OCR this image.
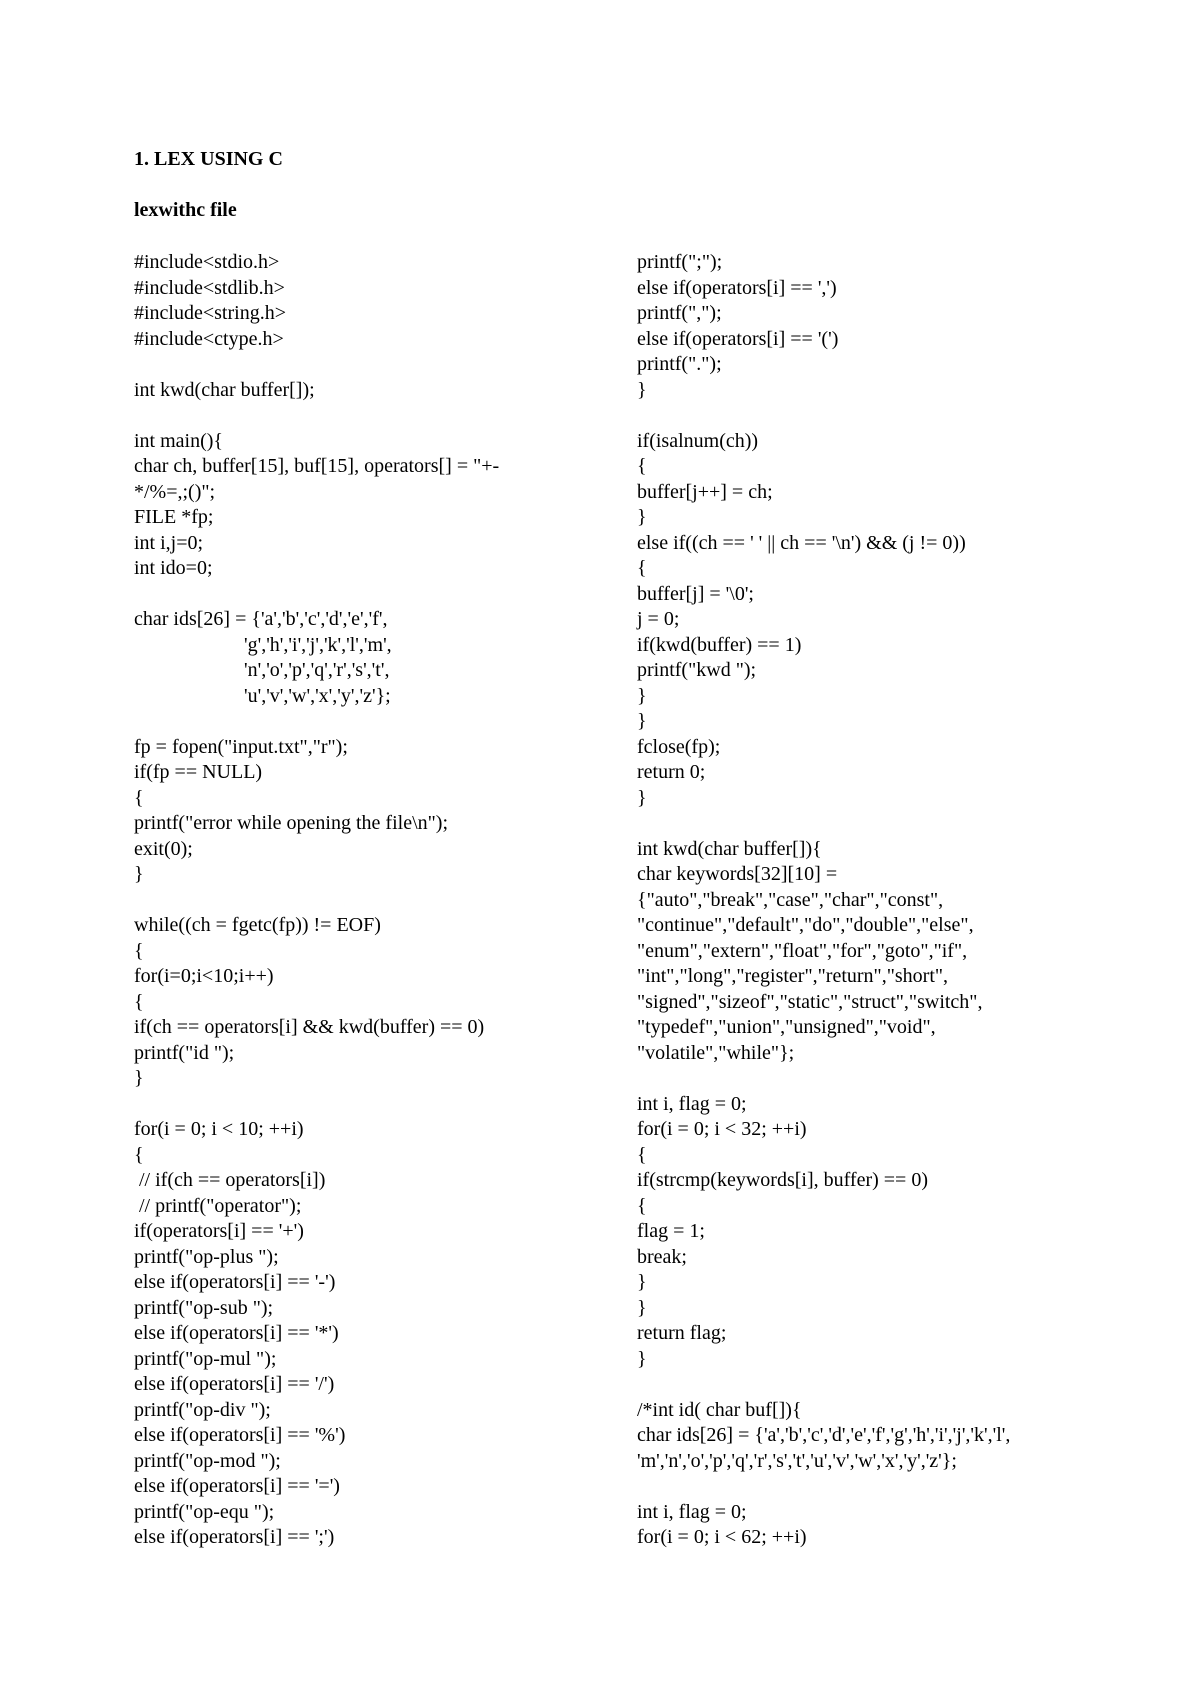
1. LEX USING C
lexwithc file
#include<stdio.h>
#include<stdlib.h>
#include<string.h>
#include<ctype.h>
int kwd(char buffer[]);
int main(){
char ch, buffer[15], buf[15], operators[] = "+-
*/%=,;()";
FILE *fp;
int i,j=0;
int ido=0;
char ids[26] = {'a','b','c','d','e','f',
'g','h','i','j','k','l','m',
'n','o','p','q','r','s','t',
'u','v','w','x','y','z'};
fp = fopen("input.txt","r");
if(fp == NULL)
{
printf("error while opening the file\n");
exit(0);
}
while((ch = fgetc(fp)) != EOF)
{
for(i=0;i<10;i++)
{
if(ch == operators[i] && kwd(buffer) == 0)
printf("id ");
}
for(i = 0; i < 10; ++i)
{
// if(ch == operators[i])
// printf("operator");
if(operators[i] == '+')
printf("op-plus ");
else if(operators[i] == '-')
printf("op-sub ");
else if(operators[i] == '*')
printf("op-mul ");
else if(operators[i] == '/')
printf("op-div ");
else if(operators[i] == '%')
printf("op-mod ");
else if(operators[i] == '=')
printf("op-equ ");
else if(operators[i] == ';')
printf(";");
else if(operators[i] == ',')
printf(",");
else if(operators[i] == '(')
printf(".");
}
if(isalnum(ch))
{
buffer[j++] = ch;
}
else if((ch == ' ' || ch == '\n') && (j != 0))
{
buffer[j] = '\0';
j = 0;
if(kwd(buffer) == 1)
printf("kwd ");
}
}
fclose(fp);
return 0;
}
int kwd(char buffer[]){
char keywords[32][10] =
{"auto","break","case","char","const",
"continue","default","do","double","else",
"enum","extern","float","for","goto","if",
"int","long","register","return","short",
"signed","sizeof","static","struct","switch",
"typedef","union","unsigned","void",
"volatile","while"};
int i, flag = 0;
for(i = 0; i < 32; ++i)
{
if(strcmp(keywords[i], buffer) == 0)
{
flag = 1;
break;
}
}
return flag;
}
/*int id( char buf[]){
char ids[26] = {'a','b','c','d','e','f','g','h','i','j','k','l',
'm','n','o','p','q','r','s','t','u','v','w','x','y','z'};
int i, flag = 0;
for(i = 0; i < 62; ++i)
